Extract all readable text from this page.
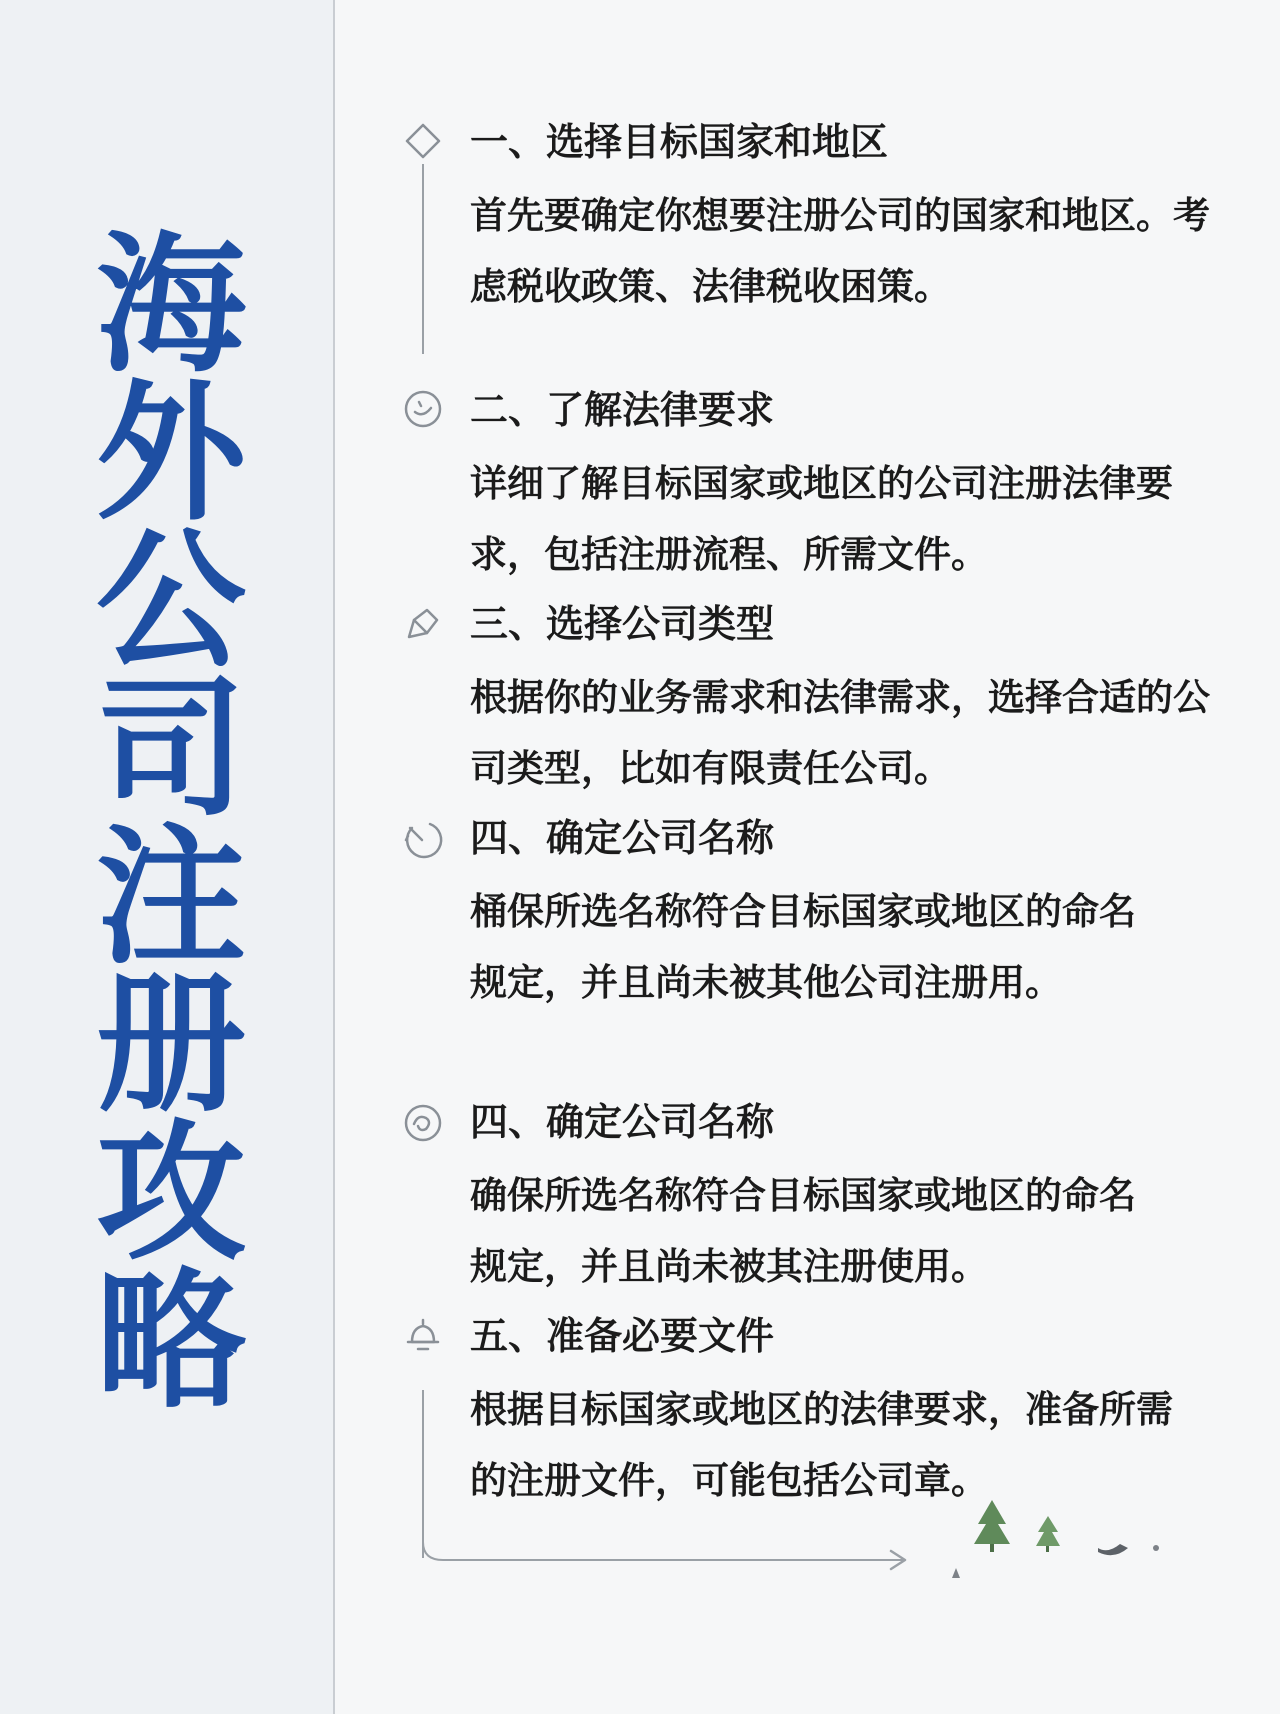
海
外
公
司
注
册
攻
略
一、选择目标国家和地区
首先要确定你想要注册公司的国家和地区。考虑税收政策、法律税收困策。
二、了解法律要求
详细了解目标国家或地区的公司注册法律要求，包括注册流程、所需文件。
三、选择公司类型
根据你的业务需求和法律需求，选择合适的公司类型，比如有限责任公司。
四、确定公司名称
桶保所选名称符合目标国家或地区的命名规定，并且尚未被其他公司注册用。
四、确定公司名称
确保所选名称符合目标国家或地区的命名规定，并且尚未被其注册使用。
五、准备必要文件
根据目标国家或地区的法律要求，准备所需的注册文件，可能包括公司章。
